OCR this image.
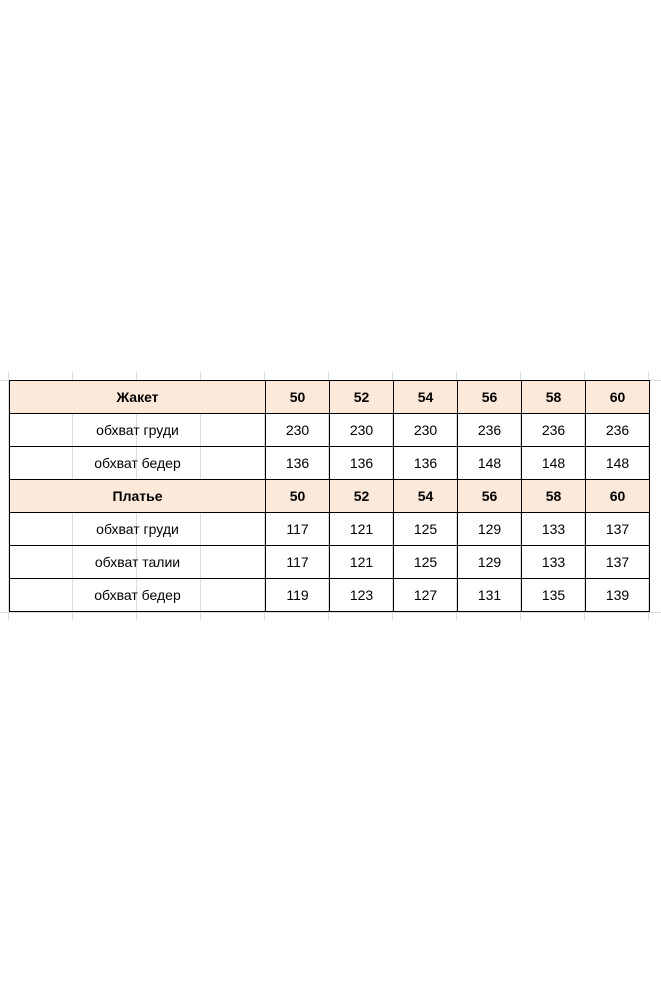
Жакет	50	52	54	56	58	60
обхват груди	230	230	230	236	236	236
обхват бедер	136	136	136	148	148	148
Платье	50	52	54	56	58	60
обхват груди	117	121	125	129	133	137
обхват талии	117	121	125	129	133	137
обхват бедер	119	123	127	131	135	139
